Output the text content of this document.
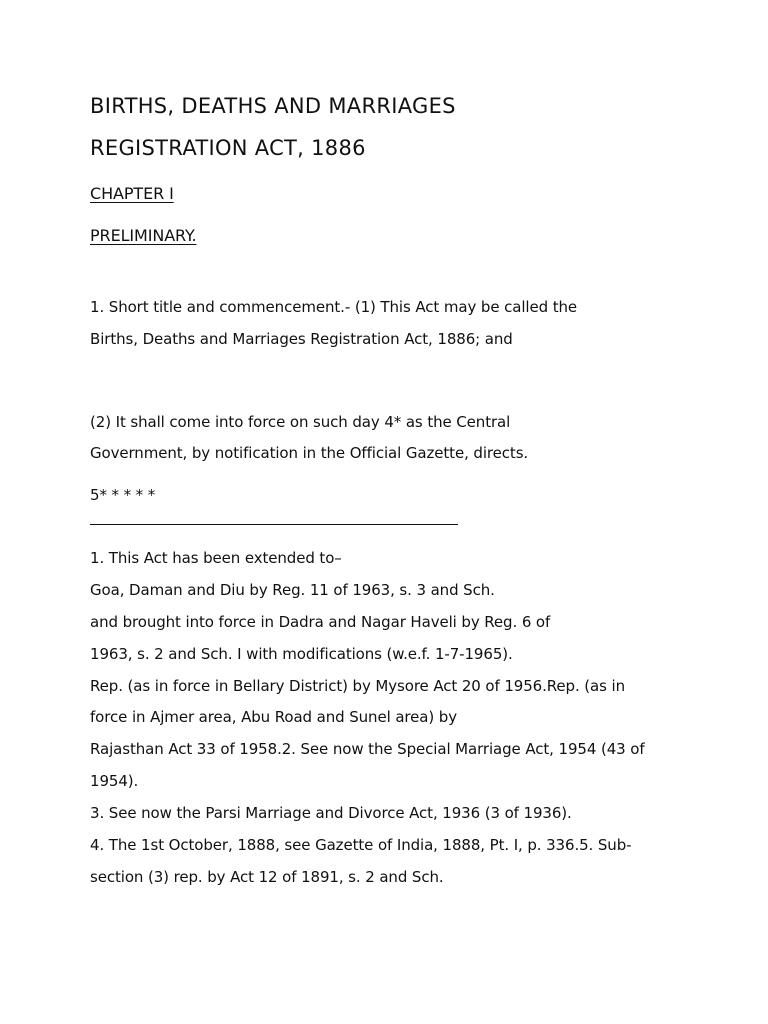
BIRTHS, DEATHS AND MARRIAGES
REGISTRATION ACT, 1886
CHAPTER I
PRELIMINARY.
1. Short title and commencement.- (1) This Act may be called the
Births, Deaths and Marriages Registration Act, 1886; and
(2) It shall come into force on such day 4* as the Central
Government, by notification in the Official Gazette, directs.
5* * * * *
1. This Act has been extended to–
Goa, Daman and Diu by Reg. 11 of 1963, s. 3 and Sch.
and brought into force in Dadra and Nagar Haveli by Reg. 6 of
1963, s. 2 and Sch. I with modifications (w.e.f. 1-7-1965).
Rep. (as in force in Bellary District) by Mysore Act 20 of 1956.Rep. (as in
force in Ajmer area, Abu Road and Sunel area) by
Rajasthan Act 33 of 1958.2. See now the Special Marriage Act, 1954 (43 of
1954).
3. See now the Parsi Marriage and Divorce Act, 1936 (3 of 1936).
4. The 1st October, 1888, see Gazette of India, 1888, Pt. I, p. 336.5. Sub-
section (3) rep. by Act 12 of 1891, s. 2 and Sch.
